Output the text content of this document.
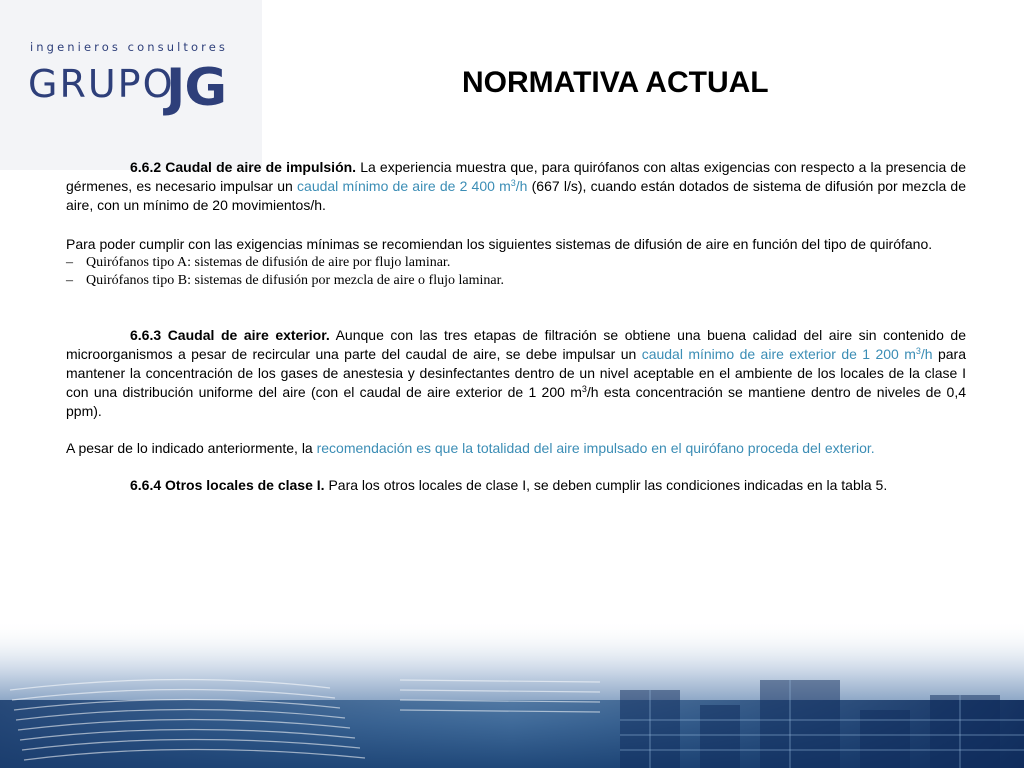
ingenieros consultores
GRUPO
JG	NORMATIVA ACTUAL

6.6.2 Caudal de aire de impulsión. La experiencia muestra que, para quirófanos con altas exigencias con respecto a la presencia de gérmenes, es necesario impulsar un caudal mínimo de aire de 2 400 $m^3/h$ (667 l/s), cuando están dotados de sistema de difusión por mezcla de aire, con un mínimo de 20 movimientos/h.

Para poder cumplir con las exigencias mínimas se recomiendan los siguientes sistemas de difusión de aire en función del tipo de quirófano.

– Quirófanos tipo A: sistemas de difusión de aire por flujo laminar.
– Quirófanos tipo B: sistemas de difusión por mezcla de aire o flujo laminar.

6.6.3 Caudal de aire exterior. Aunque con las tres etapas de filtración se obtiene una buena calidad del aire sin contenido de microorganismos a pesar de recircular una parte del caudal de aire, se debe impulsar un caudal mínimo de aire exterior de 1 200 $m^3/h$ para mantener la concentración de los gases de anestesia y desinfectantes dentro de un nivel aceptable en el ambiente de los locales de la clase I con una distribución uniforme del aire (con el caudal de aire exterior de 1 200 $m^3/h$ esta concentración se mantiene dentro de niveles de 0,4 ppm).

A pesar de lo indicado anteriormente, la recomendación es que la totalidad del aire impulsado en el quirófano proceda del exterior.

6.6.4 Otros locales de clase I. Para los otros locales de clase I, se deben cumplir las condiciones indicadas en la tabla 5.
